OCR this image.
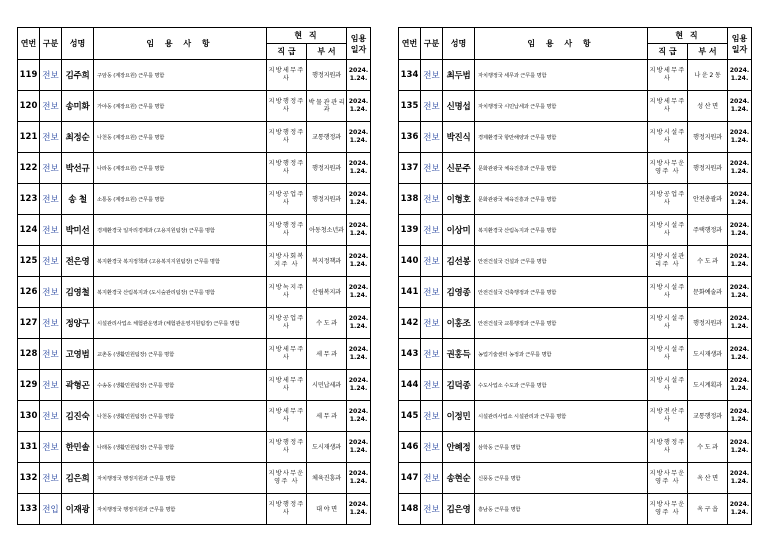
연번	구분	성명	임 용 사 항	현 직		임용일자
				직 급	부 서	
119	전보	김주희	구암동 (계장요원) 근무를 명함	지방세무주 사	행정지원과	2024. 1.24.
120	전보	송미화	가야동 (계장요원) 근무를 명함	지방행정주 사	박 물 관 관 리 과	2024. 1.24.
121	전보	최정순	나천동 (계장요원) 근무를 명함	지방행정주 사	교통행정과	2024. 1.24.
122	전보	박선규	나라동 (계장요원) 근무를 명함	지방행정주 사	행정지원과	2024. 1.24.
123	전보	송 철	소통동 (계장요원) 근무를 명함	지방공업주 사	행정지원과	2024. 1.24.
124	전보	박미선	경제환경국 일자리경제과 (고용지원팀장) 근무를 명함	지방행정주 사	아동청소년과	2024. 1.24.
125	전보	전은영	복지환경국 복지정책과 (고용복지지원팀장) 근무를 명함	지방사회복지주 사	복지정책과	2024. 1.24.
126	전보	김영철	복지환경국 산림복지과 (도시숲관리팀장) 근무를 명함	지방녹지주 사	산림복지과	2024. 1.24.
127	전보	정양구	시설관리사업소 체험관운영과 (체험관운영지원팀장) 근무를 명함	지방공업주 사	수 도 과	2024. 1.24.
128	전보	고영범	교촌동 (생활민원팀장) 근무를 명함	지방세무주 사	세 무 과	2024. 1.24.
129	전보	곽형곤	수송동 (생활민원팀장) 근무를 명함	지방세무주 사	시민납세과	2024. 1.24.
130	전보	김진숙	나천동 (생활민원팀장) 근무를 명함	지방세무주 사	세 무 과	2024. 1.24.
131	전보	한민솔	나래동 (생활민원팀장) 근무를 명함	지방행정주 사	도시재생과	2024. 1.24.
132	전보	김은희	자치행정국 행정지원과 근무를 명함	지방사무운영주 사	체육진흥과	2024. 1.24.
133	전입	이재광	자치행정국 행정지원과 근무를 명함	지방행정주 사	대 야 면	2024. 1.24.
연번	구분	성명	임 용 사 항	현 직		임용일자
				직 급	부 서	
134	전보	최두범	자치행정국 세무과 근무를 명함	지방세무주 사	나 운 2 동	2024. 1.24.
135	전보	신명섭	자치행정국 시민납세과 근무를 명함	지방세무주 사	성 산 면	2024. 1.24.
136	전보	박진식	경제환경국 항만해양과 근무를 명함	지방시설주 사	행정지원과	2024. 1.24.
137	전보	신문주	문화관광국 체육진흥과 근무를 명함	지방사무운영주 사	행정지원과	2024. 1.24.
138	전보	이형호	문화관광국 체육진흥과 근무를 명함	지방공업주 사	안전총괄과	2024. 1.24.
139	전보	이상미	복지환경국 산림녹지과 근무를 명함	지방시설주 사	주택행정과	2024. 1.24.
140	전보	김선봉	안전건설국 건설과 근무를 명함	지방시설관리주 사	수 도 과	2024. 1.24.
141	전보	김영종	안전건설국 건축행정과 근무를 명함	지방시설주 사	문화예술과	2024. 1.24.
142	전보	이홍조	안전건설국 교통행정과 근무를 명함	지방시설주 사	행정지원과	2024. 1.24.
143	전보	권홍득	농업기술센터 농정과 근무를 명함	지방시설주 사	도시재생과	2024. 1.24.
144	전보	김덕종	수도사업소 수도과 근무를 명함	지방시설주 사	도시계획과	2024. 1.24.
145	전보	이정민	시설관리사업소 시설관리과 근무를 명함	지방전산주 사	교통행정과	2024. 1.24.
146	전보	안혜정	삼학동 근무를 명함	지방행정주 사	수 도 과	2024. 1.24.
147	전보	송현순	신풍동 근무를 명함	지방사무운영주 사	옥 산 면	2024. 1.24.
148	전보	김은영	흥남동 근무를 명함	지방사무운영주 사	옥 구 읍	2024. 1.24.
